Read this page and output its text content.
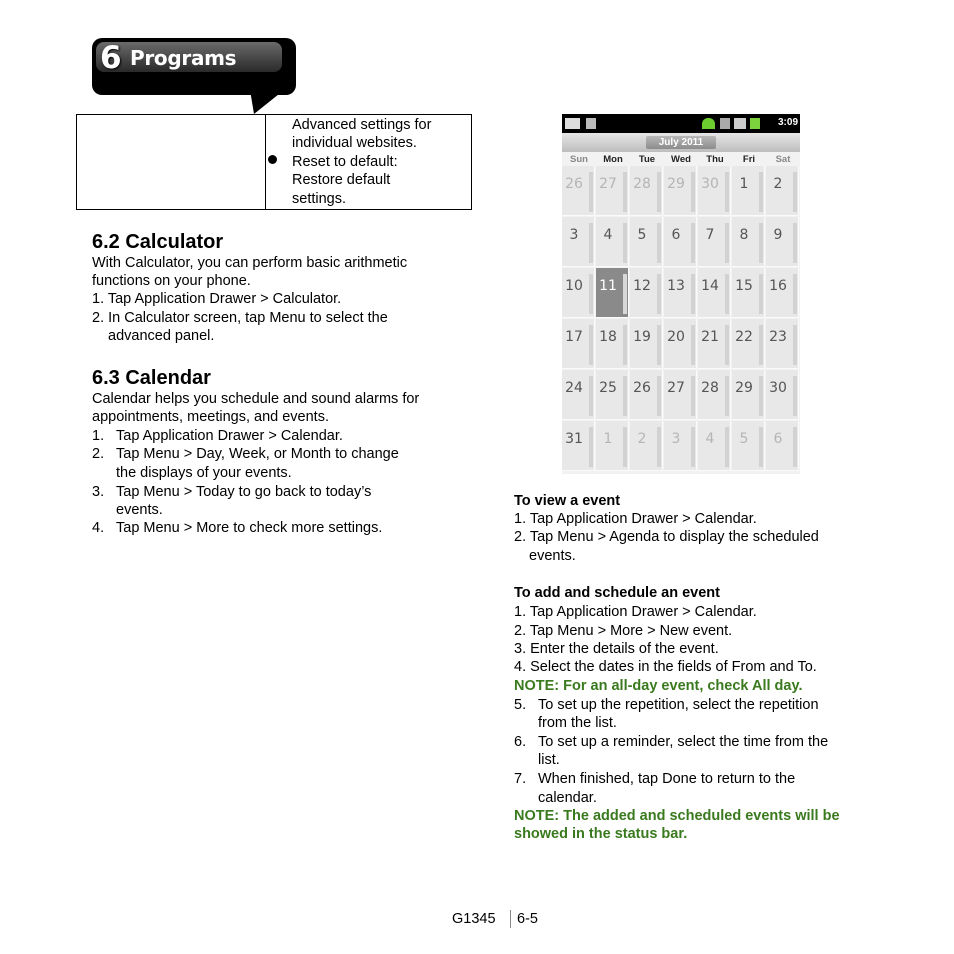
6 Programs
Advanced settings for
individual websites.
Reset to default:
Restore default
settings.
6.2 Calculator
With Calculator, you can perform basic arithmetic
functions on your phone.
1. Tap Application Drawer > Calculator.
2. In Calculator screen, tap Menu to select the
advanced panel.
6.3 Calendar
Calendar helps you schedule and sound alarms for
appointments, meetings, and events.
1. Tap Application Drawer > Calendar.
2. Tap Menu > Day, Week, or Month to change
the displays of your events.
3. Tap Menu > Today to go back to today’s
events.
4. Tap Menu > More to check more settings.
3:09
July 2011
Sun	Mon	Tue	Wed	Thu	Fri	Sat
26 27 28 29 30	1	2
3	4	5	6	7	8	9
10 11 12 13 14 15 16
17 18 19 20 21 22 23
24 25 26 27 28 29 30
31	1	2	3	4	5	6
To view a event
1. Tap Application Drawer > Calendar.
2. Tap Menu > Agenda to display the scheduled
events.
To add and schedule an event
1. Tap Application Drawer > Calendar.
2. Tap Menu > More > New event.
3. Enter the details of the event.
4. Select the dates in the fields of From and To.
NOTE: For an all-day event, check All day.
5. To set up the repetition, select the repetition
from the list.
6. To set up a reminder, select the time from the
list.
7. When finished, tap Done to return to the
calendar.
NOTE: The added and scheduled events will be
showed in the status bar.
G1345 6-5
